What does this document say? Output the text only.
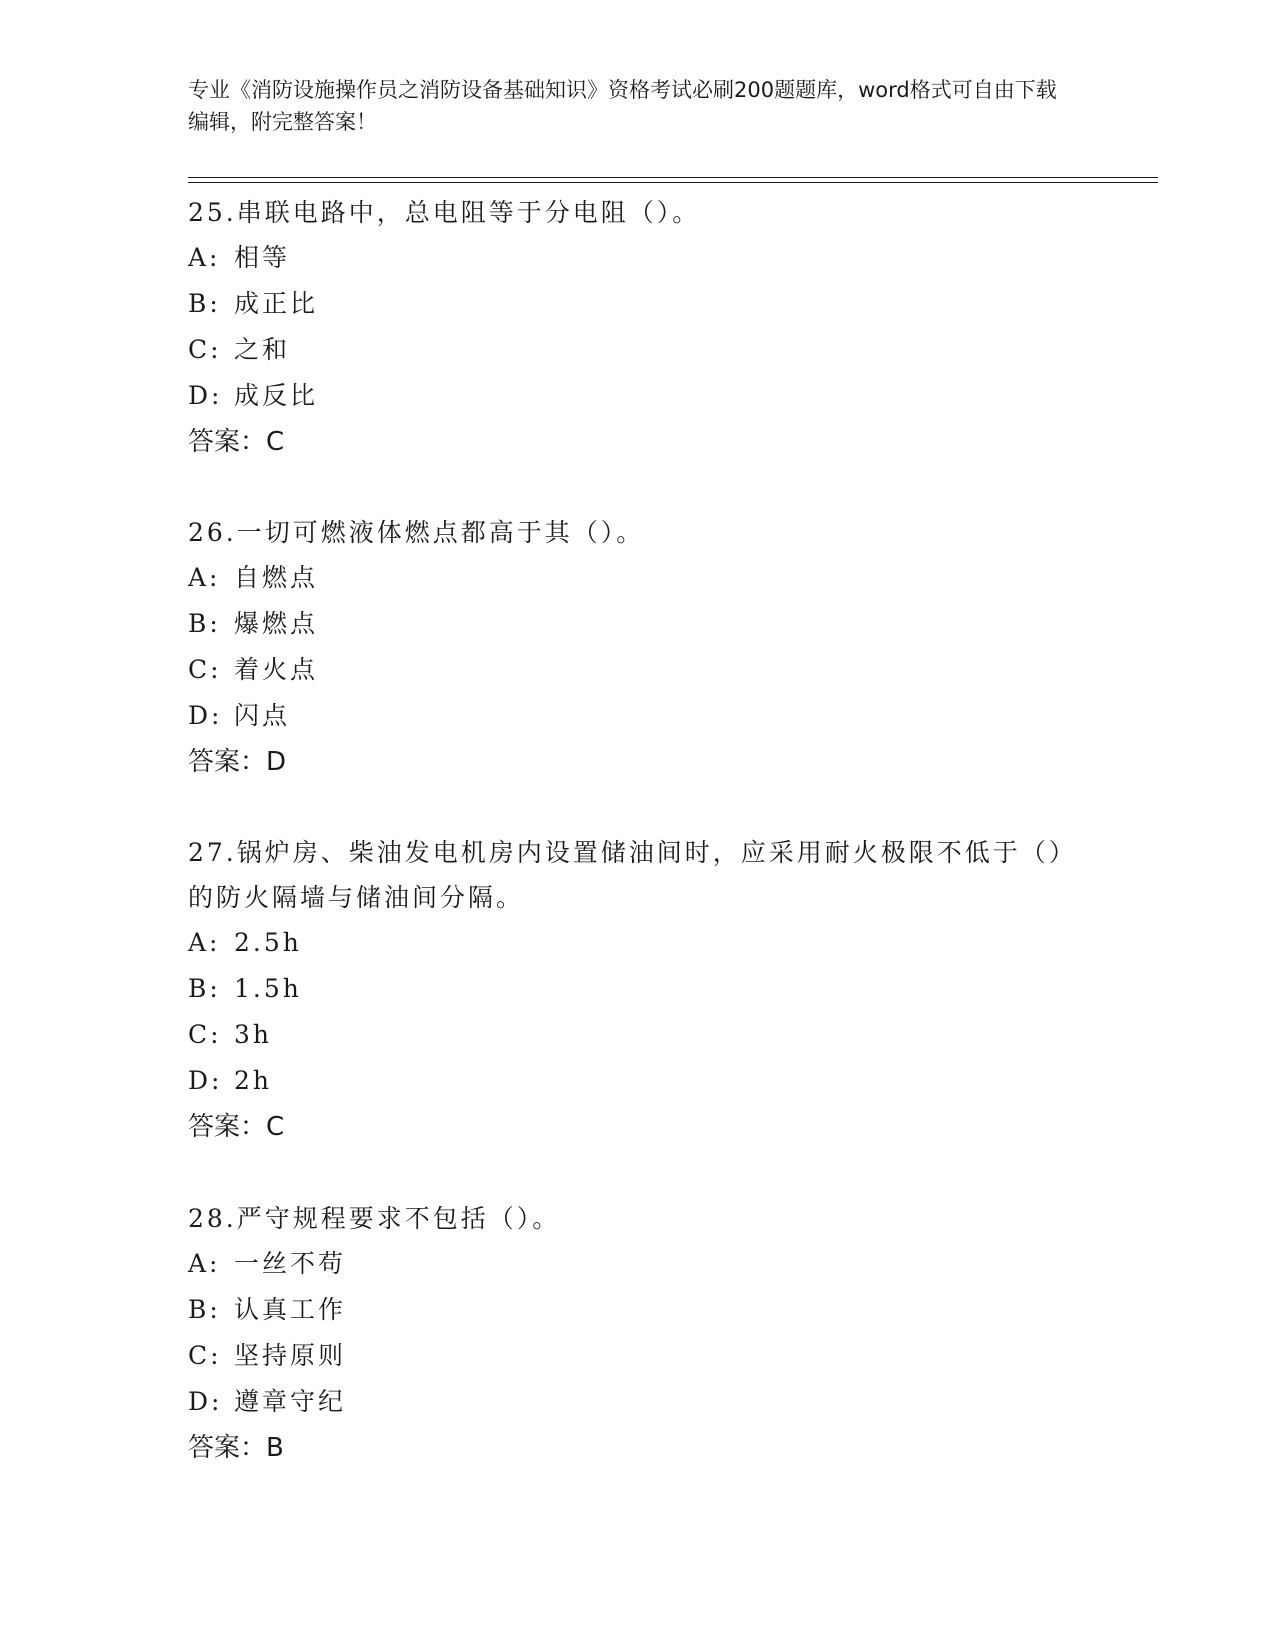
专业《消防设施操作员之消防设备基础知识》资格考试必刷200题题库，word格式可自由下载编辑，附完整答案！

25.串联电路中，总电阻等于分电阻（）。

A: 相等

B: 成正比

C: 之和

D: 成反比

答案：C

26.一切可燃液体燃点都高于其（）。

A: 自燃点

B: 爆燃点

C: 着火点

D: 闪点

答案：D

27.锅炉房、柴油发电机房内设置储油间时，应采用耐火极限不低于（）的防火隔墙与储油间分隔。

A: 2.5h

B: 1.5h

C: 3h

D: 2h

答案：C

28.严守规程要求不包括（）。

A: 一丝不苟

B: 认真工作

C: 坚持原则

D: 遵章守纪

答案：B
